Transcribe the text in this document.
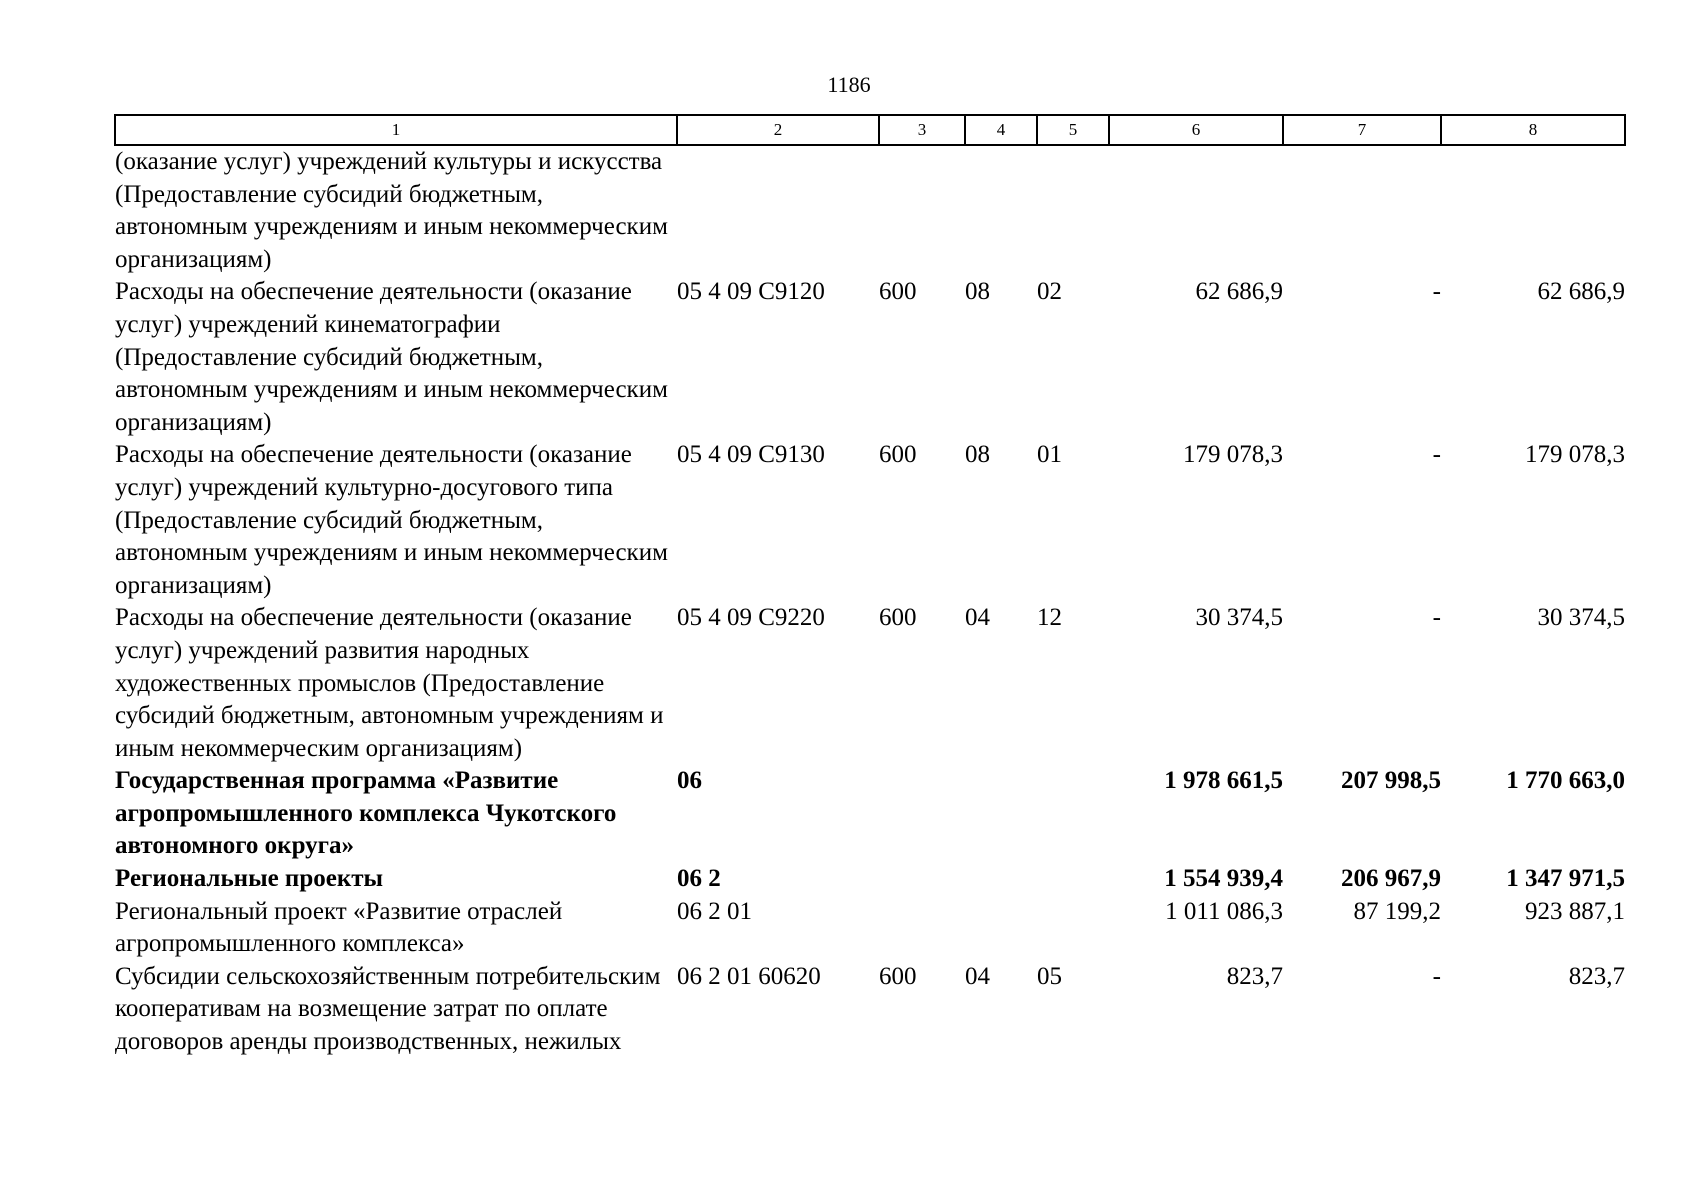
1186
1	2	3	4	5	6	7	8
(оказание услуг) учреждений культуры и искусства (Предоставление субсидий бюджетным, автономным учреждениям и иным некоммерческим организациям)							
Расходы на обеспечение деятельности (оказание услуг) учреждений кинематографии (Предоставление субсидий бюджетным, автономным учреждениям и иным некоммерческим организациям)	05 4 09 С9120	600	08	02	62 686,9	-	62 686,9
Расходы на обеспечение деятельности (оказание услуг) учреждений культурно-досугового типа (Предоставление субсидий бюджетным, автономным учреждениям и иным некоммерческим организациям)	05 4 09 С9130	600	08	01	179 078,3	-	179 078,3
Расходы на обеспечение деятельности (оказание услуг) учреждений развития народных художественных промыслов (Предоставление субсидий бюджетным, автономным учреждениям и иным некоммерческим организациям)	05 4 09 С9220	600	04	12	30 374,5	-	30 374,5
Государственная программа «Развитие агропромышленного комплекса Чукотского автономного округа»	06				1 978 661,5	207 998,5	1 770 663,0
Региональные проекты	06 2				1 554 939,4	206 967,9	1 347 971,5
Региональный проект «Развитие отраслей агропромышленного комплекса»	06 2 01				1 011 086,3	87 199,2	923 887,1
Субсидии сельскохозяйственным потребительским кооперативам на возмещение затрат по оплате договоров аренды производственных, нежилых	06 2 01 60620	600	04	05	823,7	-	823,7
